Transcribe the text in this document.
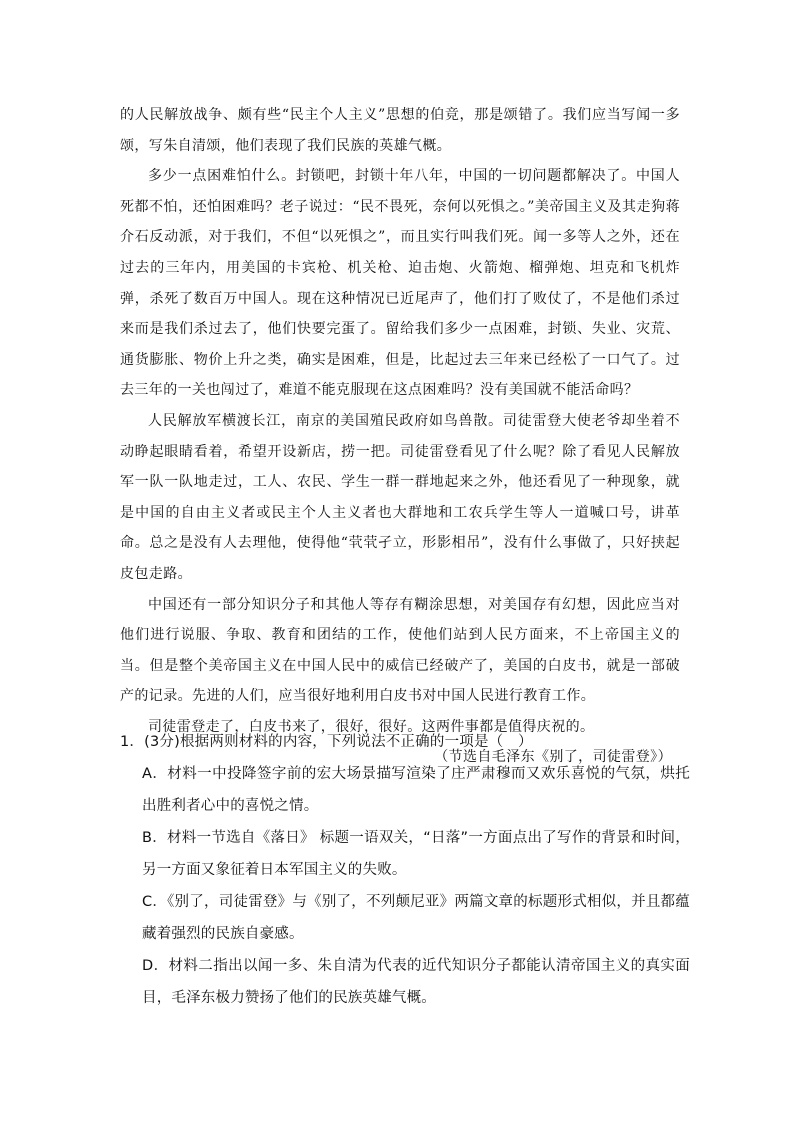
的人民解放战争、颇有些“民主个人主义”思想的伯竞，那是颂错了。我们应当写闻一多颂，写朱自清颂，他们表现了我们民族的英雄气概。

多少一点困难怕什么。封锁吧，封锁十年八年，中国的一切问题都解决了。中国人死都不怕，还怕困难吗？老子说过：“民不畏死，奈何以死惧之。”美帝国主义及其走狗蒋介石反动派，对于我们，不但“以死惧之”，而且实行叫我们死。闻一多等人之外，还在过去的三年内，用美国的卡宾枪、机关枪、迫击炮、火箭炮、榴弹炮、坦克和飞机炸弹，杀死了数百万中国人。现在这种情况已近尾声了，他们打了败仗了，不是他们杀过来而是我们杀过去了，他们快要完蛋了。留给我们多少一点困难，封锁、失业、灾荒、通货膨胀、物价上升之类，确实是困难，但是，比起过去三年来已经松了一口气了。过去三年的一关也闯过了，难道不能克服现在这点困难吗？没有美国就不能活命吗？

人民解放军横渡长江，南京的美国殖民政府如鸟兽散。司徒雷登大使老爷却坐着不动睁起眼睛看着，希望开设新店，捞一把。司徒雷登看见了什么呢？除了看见人民解放军一队一队地走过，工人、农民、学生一群一群地起来之外，他还看见了一种现象，就是中国的自由主义者或民主个人主义者也大群地和工农兵学生等人一道喊口号，讲革命。总之是没有人去理他，使得他“茕茕孑立，形影相吊”，没有什么事做了，只好挟起皮包走路。

中国还有一部分知识分子和其他人等存有糊涂思想，对美国存有幻想，因此应当对他们进行说服、争取、教育和团结的工作，使他们站到人民方面来，不上帝国主义的当。但是整个美帝国主义在中国人民中的威信已经破产了，美国的白皮书，就是一部破产的记录。先进的人们，应当很好地利用白皮书对中国人民进行教育工作。

司徒雷登走了，白皮书来了，很好，很好。这两件事都是值得庆祝的。

（节选自毛泽东《别了，司徒雷登》）

1．(3分)根据两则材料的内容，下列说法不正确的一项是（　）

A．材料一中投降签字前的宏大场景描写渲染了庄严肃穆而又欢乐喜悦的气氛，烘托出胜利者心中的喜悦之情。

B．材料一节选自《落日》 标题一语双关，“日落”一方面点出了写作的背景和时间，另一方面又象征着日本军国主义的失败。

C．《别了，司徒雷登》与《别了，不列颠尼亚》两篇文章的标题形式相似，并且都蕴藏着强烈的民族自豪感。

D．材料二指出以闻一多、朱自清为代表的近代知识分子都能认清帝国主义的真实面目，毛泽东极力赞扬了他们的民族英雄气概。
